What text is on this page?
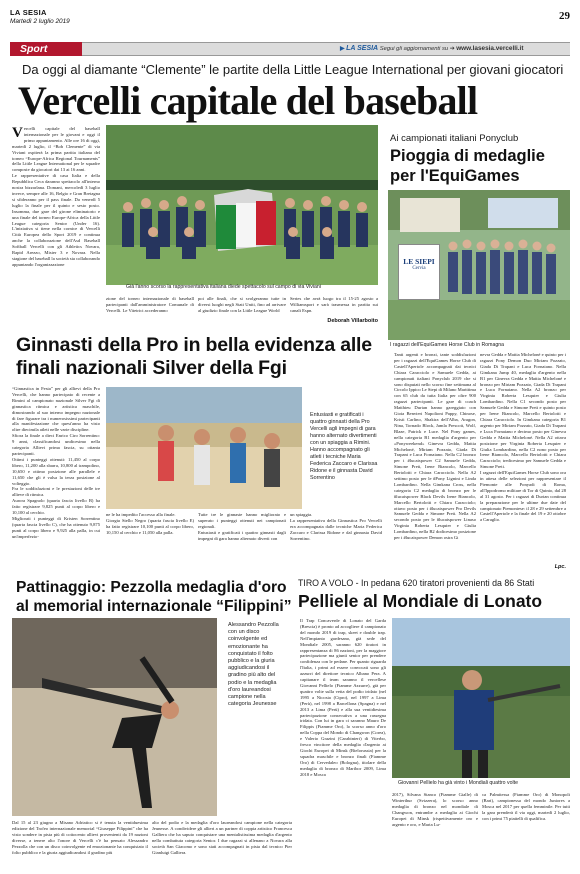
LA SESIA
Martedì 2 luglio 2019	29
Sport	▶ LA SESIA Segui gli aggiornamenti su ➔ www.lasesia.vercelli.it
Da oggi al diamante “Clemente” le partite della Little League International per giovani giocatori
Vercelli capitale del baseball
V ercelli capitale del baseball internazionale per le giovani e oggi il primo appuntamento. Alle ore 16 di oggi, martedì 2 luglio, il “Bob Clemente” di via Viviani ospiterà la prima partita italiana del torneo “Europe-Africa Regional Tournaments” della Little League International per le squadre composte da giocatori dai 13 ai 16 anni.
Le rappresentative di casa Italia e della Repubblica Ceca daranno spettacolo all'interno nostra bizzarlana. Domani, mercoledì 3 luglio invece, sempre alle 16, Belgio e Gran Bretagna si sfideranno per il pass finale. Da venerdì 5 luglio la finale per il quinto e sesto posto. Insomma, due gare del girone eliminatorio e una finale del torneo Europe-Africa della Little League categoria Senior (Under 16). L'iniziativa si tiene nella cornice di Vercelli Città Europea dello Sport 2019 e continua anche la collaborazione dell'Asd Baseball Softball Vercelli con gli Athletics Novara, Rapid Arezzo, Mister 3 e Novara. Nella stagione del baseball la società sta collaborando appuntando l'organizzazione
Già l'anno scorso la rappresentativa italiana diede spettacolo sul campo di via Viviani
zione del torneo internazionale di baseball partecipanti dall'amministratore Comunale di Vercelli. Le Vitetrici accederanno
poi alle finali, che si svolgeranno tutte in diversi luoghi negli Stati Uniti, fino ad arrivare al giudizio finale con la Little League World
Series che avrà luogo tra il 15-25 agosto a Williamsport e sarà trasmessa in partita sui canali Espn.
Deborah Villarboito
Ai campionati italiani Ponyclub
Pioggia di medaglie per l'EquiGames
LE SIEPI
Cervia
I ragazzi dell'EquiGames Horse Club in Romagna
Tanti argenti e bronzi, tante soddisfazioni per i ragazzi dell'EquiGames Horse Club di Castell'Apertole accompagnati dai tecnici Chiara Caracciolo e Samuele Gedda, ai campionati italiani Ponyclub 2019 che si sono disputati nello scorso fine settimana al Circolo Ippico Le Siepi di Milano Marittima con 65 club da tutta Italia per oltre 900 ragazzi partecipanti. Le gare di coach Matthieu Durtan hanno gareggiato con Gioia Benvieri Napolioni Pappy, Chinose, Kristi Carlino, Shakira dell'Alba, Aragon, Nina, Tornado Block, Jamla Prescott, Wolf, Blaze, Patrick e Luce. Nel Pony games, nella categoria B1 medaglia d'argento per «Ponyweekend» Ginevra Gedda, Mattia Micheloné, Miriam Pozzato, Giada Di Trapani e Luca Fornaiano. Nella C2 bronzo per i #lucaispower C2 Samuele Gedda, Simone Preti, Irene Biancolo, Marcello Bertolotti e Chiara Caracciolo. Nella A2 settimo posto per le #Pony Lignini e Linda Lombardino. Nella Gimkana Cross, nella categoria C2 medaglia di bronzo per le #lucaispower Black Devils Irene Biancolo, Marcello Bertolotti e Chiara Caracciolo; ottavo posto per i #lucaispower Pro Devils Samuele Gedda e Simone Preti. Nella A2 secondo posto per le #lucaispower Linaso Virginia Roberta Lesquier e Giulia Lombardino, nella B2 dodicesimo posizione per i #lucaispower Demon ostra Gi
nevra Gedda e Mattia Micheloné e quinto per i ragazzi Pony Demon Duo Miriam Pozzato, Giada Di Trapani e Luca Fornaiano. Nella Gimkana Jump 40, medaglia d'argento nella B1 per Ginevra Gedda e Mattia Micheloné e bronzo per Miriam Pozzato, Giada Di Trapani e Luca Fornaiano. Nella A2 bronzo per Virginia Roberta Lesquier e Giulia Lombardino. Nella C1 secondo posto per Samuele Gedda e Simone Preti e quinto posto per Irene Biancolo, Marcello Bertolotti e Chiara Caracciolo. In Gimkana categoria B1 argento per Miriam Pozzato, Giada Di Trapani e Luca Fornaiano e decimo posto per Ginevra Gedda e Mattia Micheloné. Nella A2 ottava posizione per Virginia Roberta Lesquier e Giulia Lombardino, nella C2 nono posto per Irene Biancolo, Marcello Bertolotti e Chiara Caracciolo; tredicesimo per Samuele Gedda e Simone Preti.
I ragazzi dell'EquiGames Horse Club sono ora in attesa delle selezioni per rappresentare il Piemonte alle Ponyadi di Roma, all'Ippodromo militare di Tor di Quinto, dal 28 al 31 agosto. Per i ragazzi di Durtan continua la preparazione per le ultime due date del campionato Piemontese: il 28 e 29 settembre a Castell'Apertole e la finale del 19 e 20 ottobre a Caraglio.
Lpc.
Ginnasti della Pro in bella evidenza alle finali nazionali Silver della Fgi
“Ginnastica in Festa” per gli allievi della Pro Vercelli, che hanno partecipato di recente a Rimini al campionato nazionale Silver Fgi di ginnastica ritmica e artistica maschile, dimostrando al suo interno impegno nazionale di fare figurare tra i numerosissimi partecipanti alla manifestazione che quest'anno ha visto oltre diecimila atleti nelle varie discipline.
Sfiora la finale a dieci Enrico Ciro Sorrentino: 9 anni, classificandosi undicesimo nella categoria Allievi prima fascia, su ottanta partecipanti.
Ottimi i punteggi ottenuti: 11,450 al corpo libero, 11,200 alla sbarra, 10,800 al trampolino, 10,650 e ottimo posizione alle parallele e 11,650 che gli è valsa la terza posizione al volteggio.
Fra le soddisfazioni e le prestazioni delle tre allieve di ritmica.
Aurora Spagnolo (quarta fascia livello B) ha fatto registrare 9,825 punti al corpo libero e 10,100 al cerchio.
Migliorati i punteggi di Kristen Sorrentino (quarta fascia livello C), che ha ottenuto 9,875 punti al corpo libero e 9,925 alla palla, in cui un'imperfezio-
Entusiasti e gratificati i quattro ginnasti della Pro Vercelli agli impegni di gara hanno alternato divertimenti con un spiaggia a Rimini. Hanno accompagnato gli atleti i tecniche Maria Federica Zaccaro e Clarissa Ridone e il ginnasta David Sorrentino
ne le ha impedito l'accesso alla finale.
Giorgia Stello Negro (quarta fascia livello E) ha fatto registrare 10,100 punti al corpo libero, 10,150 al cerchio e 11,050 alla palla.
Tutte tre le ginnaste hanno migliorato e superato i punteggi ottenuti nei campionati regionali.
Entusiasti e gratificati i quattro ginnasti dagli impegni di gara hanno alternato diverti con
un spiaggia.
La rappresentativa della Ginnastica Pro Vercelli era accompagnata dalle tecniche Maria Federica Zaccaro e Clarissa Ridone e dal ginnasta David Sorrentino.
Pattinaggio: Pezzolla medaglia d'oro al memorial internazionale “Filippini”
Alessandro Pezzolla con un disco coinvolgente ed emozionante ha conquistato il folto pubblico e la giuria aggiudicandosi il gradino più alto del podio e la medaglia d'oro laureandosi campione nella categoria Jeunesse
Dal 15 al 23 giugno a Misano Adriatico si è tenuta la ventiduesima edizione del Trofeo internazionale memorial “Giuseppe Filippini” che ha visto sondere in pista più di cottocento allievi provenienti da 19 nazioni diverse, a tenere alto l'onore di Vercelli c'è ha pensato Alessandro Pezzolla che con un disco coinvolgente ed emozionante ha conquistato il folto pubblico e la giuria aggiudicandosi il gradino più
alto del podio e la medaglia d'oro laureandosi campione nella categoria Jeunesse. A condividere gli allieri a un partner di coppia artistico Francesca Galliera che ha saputo conquistare una mentalistissima medaglia d'argento nella combattuta categoria Senior. I due ragazzi si allenano a Novara alla società San Giacomo e sono stati accompagnati in pista dal tecnico Pier Gianluigi Galliera.
TIRO A VOLO - In pedana 620 tiratori provenienti da 86 Stati
Pelliele al Mondiale di Lonato
Il Trap Concaverde di Lonato del Garda (Brescia) è pronto ad accogliere il campionato del mondo 2019 di trap, skeet e double trap. Nell'impianto gardesano, già sede del Mondiale 2005, saranno 620 tiratori in rappresentanza di 86 nazioni, per la maggiore partecipazione ma giunti senior per prendere confidenza con le pedane. Per quanto riguarda l'Italia, i primi ad essere convocati sono gli azzurri del direttore tecnico Albano Pera. A capitanare il team saranno il vercellese Giovanni Pellielo (Fiamme Azzurre), già per quattro volte sulla vetta del podio iridato (nel 1995 a Nicosia (Cipro), nel 1997 a Lima (Perù), nel 1998 a Barcellona (Spagna) e nel 2013 a Lima (Perù) e alla sua ventidiesima partecipazione consecutiva a una rassegna iridata. Con lui in gara ci saranno Mauro De Filippis (Fiamme Oro), lo scorso anno d'oro nella Coppa del Mondo di Changwon (Corea), e Valerio Grazini (Carabinieri) di Viterbo, fresco vincitore della medaglia d'argento ai Giochi Europei di Minsk (Bielorussia) per la squadra maschile e bronzo finali (Fiamme Oro) di Cervedaleo (Bologna), titolare della medaglia di bronzo di Maribor 2009, Lima 2018 e Mosca
Giovanni Pellielo ha già vinto i Mondiali quattro volte
2017), Silvana Stanco (Fiamme Gialle) di Winterthur (Svizzera), lo scorso anno medaglia di bronzo nel mondiale di Changwon, entrambe a medaglia ai Giochi Europei di Minsk (rispettivamente oro e argento e oro, e Maria Lu-
ca Palmitessa (Fiamme Oro) di Monopoli (Bari), campionessa del mondo Juniores a Mosca nel 2017 per quella femminile. Per tutti la gara prenderà il via oggi, martedì 2 luglio, con i primi 75 piattelli di qualifica.
